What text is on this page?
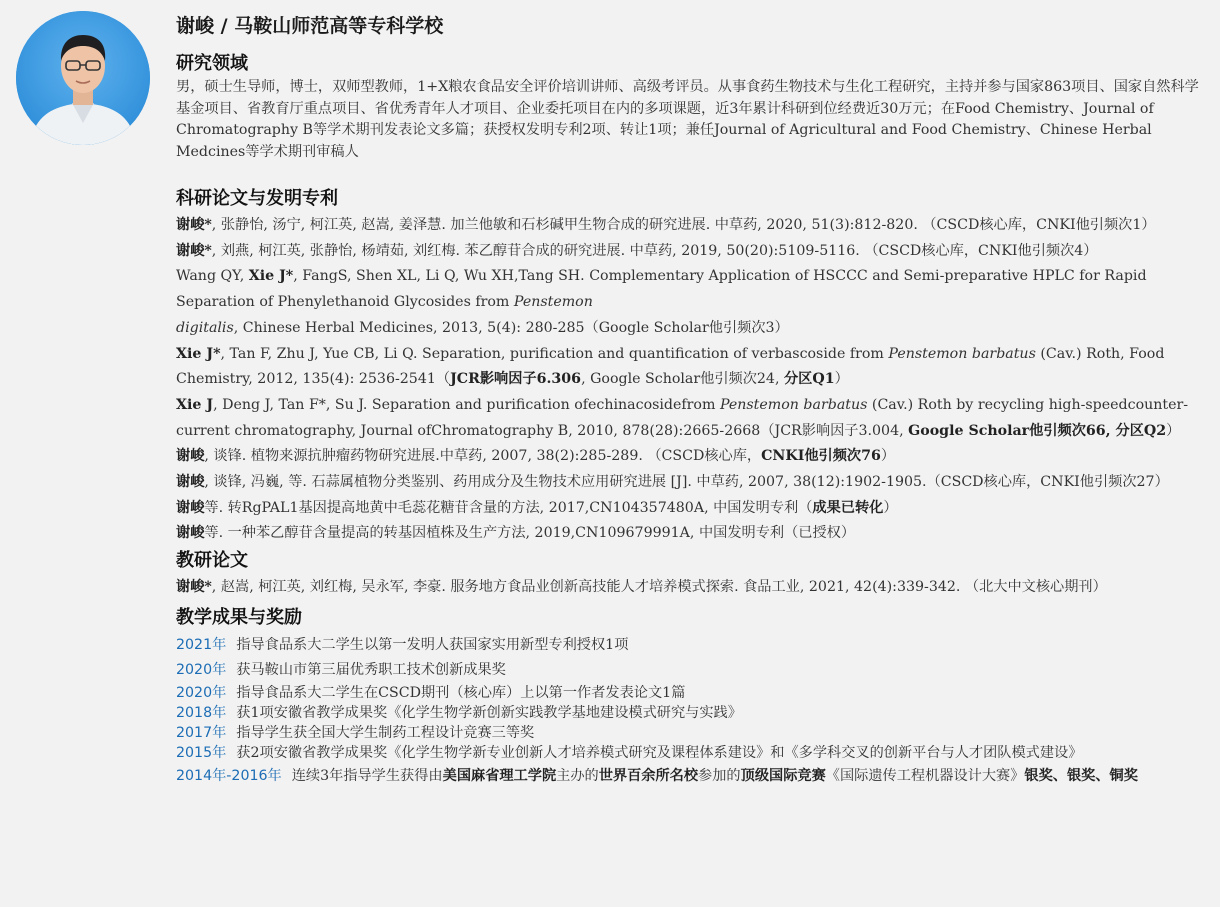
谢峻 / 马鞍山师范高等专科学校
研究领域

男，硕士生导师，博士，双师型教师，1+X粮农食品安全评价培训讲师、高级考评员。从事食药生物技术与生化工程研究，主持并参与国家863项目、国家自然科学基金项目、省教育厅重点项目、省优秀青年人才项目、企业委托项目在内的多项课题，近3年累计科研到位经费近30万元；在Food Chemistry、Journal of Chromatography B等学术期刊发表论文多篇；获授权发明专利2项、转让1项；兼任Journal of Agricultural and Food Chemistry、Chinese Herbal Medcines等学术期刊审稿人

科研论文与发明专利

谢峻*, 张静怡, 汤宁, 柯江英, 赵嵩, 姜泽慧. 加兰他敏和石杉碱甲生物合成的研究进展. 中草药, 2020, 51(3):812-820. （CSCD核心库，CNKI他引频次1）

谢峻*, 刘燕, 柯江英, 张静怡, 杨靖茹, 刘红梅. 苯乙醇苷合成的研究进展. 中草药, 2019, 50(20):5109-5116. （CSCD核心库，CNKI他引频次4）

Wang QY, Xie J*, FangS, Shen XL, Li Q, Wu XH,Tang SH. Complementary Application of HSCCC and Semi-preparative HPLC for Rapid Separation of Phenylethanoid Glycosides from Penstemon digitalis, Chinese Herbal Medicines, 2013, 5(4): 280-285（Google Scholar他引频次3）

Xie J*, Tan F, Zhu J, Yue CB, Li Q. Separation, purification and quantification of verbascoside from Penstemon barbatus (Cav.) Roth, Food Chemistry, 2012, 135(4): 2536-2541（JCR影响因子6.306, Google Scholar他引频次24, 分区Q1）

Xie J, Deng J, Tan F*, Su J. Separation and purification ofechinacosidefrom Penstemon barbatus (Cav.) Roth by recycling high-speedcounter-current chromatography, Journal ofChromatography B, 2010, 878(28):2665-2668（JCR影响因子3.004, Google Scholar他引频次66, 分区Q2）

谢峻, 谈锋. 植物来源抗肿瘤药物研究进展.中草药, 2007, 38(2):285-289. （CSCD核心库，CNKI他引频次76）

谢峻, 谈锋, 冯巍, 等. 石蒜属植物分类鉴别、药用成分及生物技术应用研究进展 [J]. 中草药, 2007, 38(12):1902-1905.（CSCD核心库，CNKI他引频次27）

谢峻等. 转RgPAL1基因提高地黄中毛蕊花糖苷含量的方法, 2017,CN104357480A, 中国发明专利（成果已转化）

谢峻等. 一种苯乙醇苷含量提高的转基因植株及生产方法, 2019,CN109679991A, 中国发明专利（已授权）

教研论文

谢峻*, 赵嵩, 柯江英, 刘红梅, 吴永军, 李豪. 服务地方食品业创新高技能人才培养模式探索. 食品工业, 2021, 42(4):339-342. （北大中文核心期刊）

教学成果与奖励
2021年 指导食品系大二学生以第一发明人获国家实用新型专利授权1项
2020年 获马鞍山市第三届优秀职工技术创新成果奖
2020年 指导食品系大二学生在CSCD期刊（核心库）上以第一作者发表论文1篇
2018年 获1项安徽省教学成果奖《化学生物学新创新实践教学基地建设模式研究与实践》
2017年 指导学生获全国大学生制药工程设计竞赛三等奖
2015年 获2项安徽省教学成果奖《化学生物学新专业创新人才培养模式研究及课程体系建设》和《多学科交叉的创新平台与人才团队模式建设》
2014年-2016年 连续3年指导学生获得由美国麻省理工学院主办的世界百余所名校参加的顶级国际竞赛《国际遗传工程机器设计大赛》银奖、银奖、铜奖
